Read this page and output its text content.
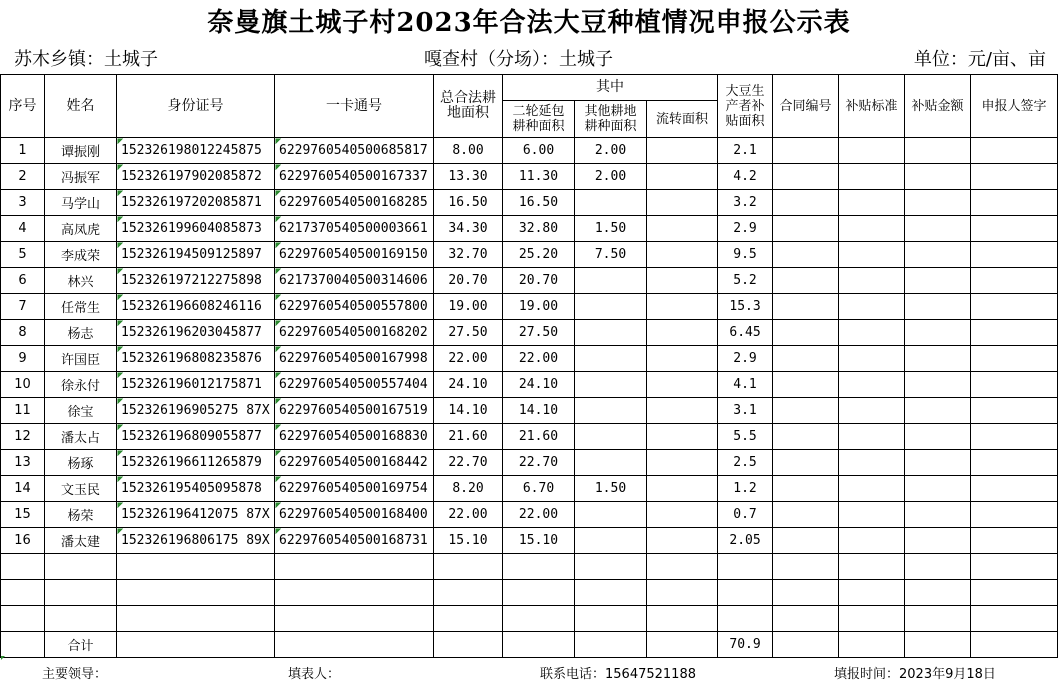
奈曼旗土城子村2023年合法大豆种植情况申报公示表
苏木乡镇：土城子	嘎查村（分场）：土城子	单位：元/亩、亩
序号	姓名	身份证号	一卡通号	总合法耕地面积	其中			大豆生产者补贴面积	合同编号	补贴标准	补贴金额	申报人签字
					二轮延包耕种面积	其他耕地耕种面积	流转面积					
1	谭振刚	152326198012245875	6229760540500685817	8.00	6.00	2.00		2.1				
2	冯振军	152326197902085872	6229760540500167337	13.30	11.30	2.00		4.2				
3	马学山	152326197202085871	6229760540500168285	16.50	16.50			3.2				
4	高凤虎	152326199604085873	6217370540500003661	34.30	32.80	1.50		2.9				
5	李成荣	152326194509125897	6229760540500169150	32.70	25.20	7.50		9.5				
6	林兴	152326197212275898	6217370040500314606	20.70	20.70			5.2				
7	任常生	152326196608246116	6229760540500557800	19.00	19.00			15.3				
8	杨志	152326196203045877	6229760540500168202	27.50	27.50			6.45				
9	许国臣	152326196808235876	6229760540500167998	22.00	22.00			2.9				
10	徐永付	152326196012175871	6229760540500557404	24.10	24.10			4.1				
11	徐宝	152326196905275 87X	6229760540500167519	14.10	14.10			3.1				
12	潘太占	152326196809055877	6229760540500168830	21.60	21.60			5.5				
13	杨琢	152326196611265879	6229760540500168442	22.70	22.70			2.5				
14	文玉民	152326195405095878	6229760540500169754	8.20	6.70	1.50		1.2				
15	杨荣	152326196412075 87X	6229760540500168400	22.00	22.00			0.7				
16	潘太建	152326196806175 89X	6229760540500168731	15.10	15.10			2.05				

	合计							70.9				
主要领导：	填表人：	联系电话：15647521188	填报时间：2023年9月18日
